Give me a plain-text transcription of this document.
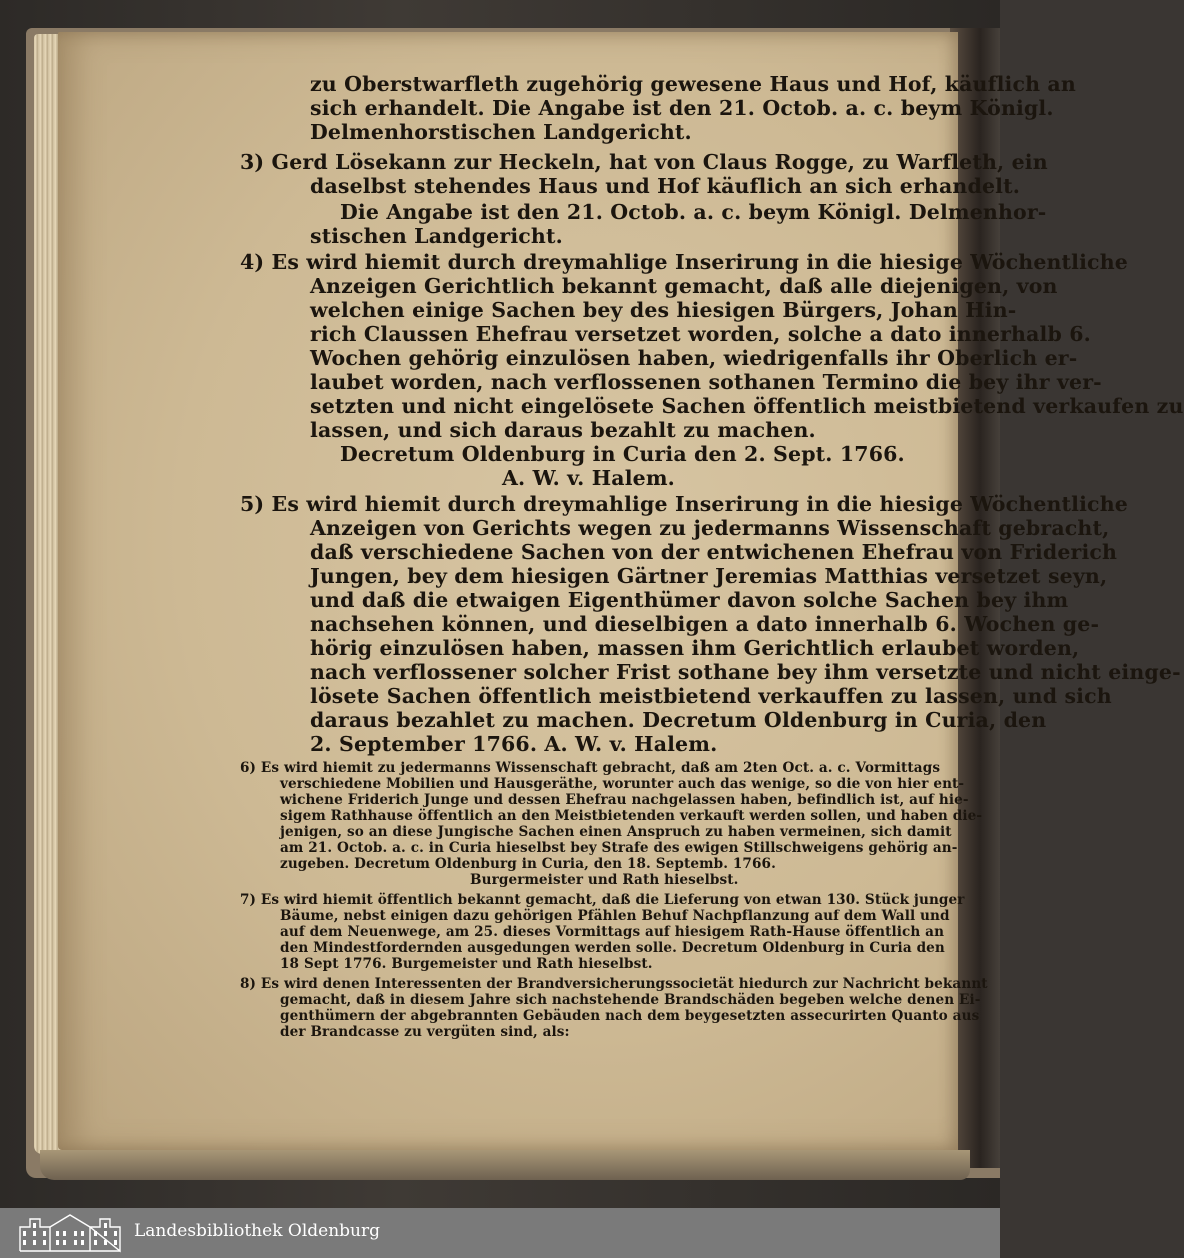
zu Oberstwarfleth zugehörig gewesene Haus und Hof, käuflich an
sich erhandelt. Die Angabe ist den 21. Octob. a. c. beym Königl.
Delmenhorstischen Landgericht.
3) Gerd Lösekann zur Heckeln, hat von Claus Rogge, zu Warfleth, ein
daselbst stehendes Haus und Hof käuflich an sich erhandelt.
Die Angabe ist den 21. Octob. a. c. beym Königl. Delmenhor-
stischen Landgericht.
4) Es wird hiemit durch dreymahlige Inserirung in die hiesige Wöchentliche
Anzeigen Gerichtlich bekannt gemacht, daß alle diejenigen, von
welchen einige Sachen bey des hiesigen Bürgers, Johan Hin-
rich Claussen Ehefrau versetzet worden, solche a dato innerhalb 6.
Wochen gehörig einzulösen haben, wiedrigenfalls ihr Oberlich er-
laubet worden, nach verflossenen sothanen Termino die bey ihr ver-
setzten und nicht eingelösete Sachen öffentlich meistbietend verkaufen zu
lassen, und sich daraus bezahlt zu machen.
Decretum Oldenburg in Curia den 2. Sept. 1766.
A. W. v. Halem.
5) Es wird hiemit durch dreymahlige Inserirung in die hiesige Wöchentliche
Anzeigen von Gerichts wegen zu jedermanns Wissenschaft gebracht,
daß verschiedene Sachen von der entwichenen Ehefrau von Friderich
Jungen, bey dem hiesigen Gärtner Jeremias Matthias versetzet seyn,
und daß die etwaigen Eigenthümer davon solche Sachen bey ihm
nachsehen können, und dieselbigen a dato innerhalb 6. Wochen ge-
hörig einzulösen haben, massen ihm Gerichtlich erlaubet worden,
nach verflossener solcher Frist sothane bey ihm versetzte und nicht einge-
lösete Sachen öffentlich meistbietend verkauffen zu lassen, und sich
daraus bezahlet zu machen. Decretum Oldenburg in Curia, den
2. September 1766. A. W. v. Halem.
6) Es wird hiemit zu jedermanns Wissenschaft gebracht, daß am 2ten Oct. a. c. Vormittags
verschiedene Mobilien und Hausgeräthe, worunter auch das wenige, so die von hier ent-
wichene Friderich Junge und dessen Ehefrau nachgelassen haben, befindlich ist, auf hie-
sigem Rathhause öffentlich an den Meistbietenden verkauft werden sollen, und haben die-
jenigen, so an diese Jungische Sachen einen Anspruch zu haben vermeinen, sich damit
am 21. Octob. a. c. in Curia hieselbst bey Strafe des ewigen Stillschweigens gehörig an-
zugeben. Decretum Oldenburg in Curia, den 18. Septemb. 1766.
Burgermeister und Rath hieselbst.
7) Es wird hiemit öffentlich bekannt gemacht, daß die Lieferung von etwan 130. Stück junger
Bäume, nebst einigen dazu gehörigen Pfählen Behuf Nachpflanzung auf dem Wall und
auf dem Neuenwege, am 25. dieses Vormittags auf hiesigem Rath-Hause öffentlich an
den Mindestfordernden ausgedungen werden solle. Decretum Oldenburg in Curia den
18 Sept 1776. Burgemeister und Rath hieselbst.
8) Es wird denen Interessenten der Brandversicherungssocietät hiedurch zur Nachricht bekannt
gemacht, daß in diesem Jahre sich nachstehende Brandschäden begeben welche denen Ei-
genthümern der abgebrannten Gebäuden nach dem beygesetzten assecurirten Quanto aus
der Brandcasse zu vergüten sind, als:
Landesbibliothek Oldenburg
